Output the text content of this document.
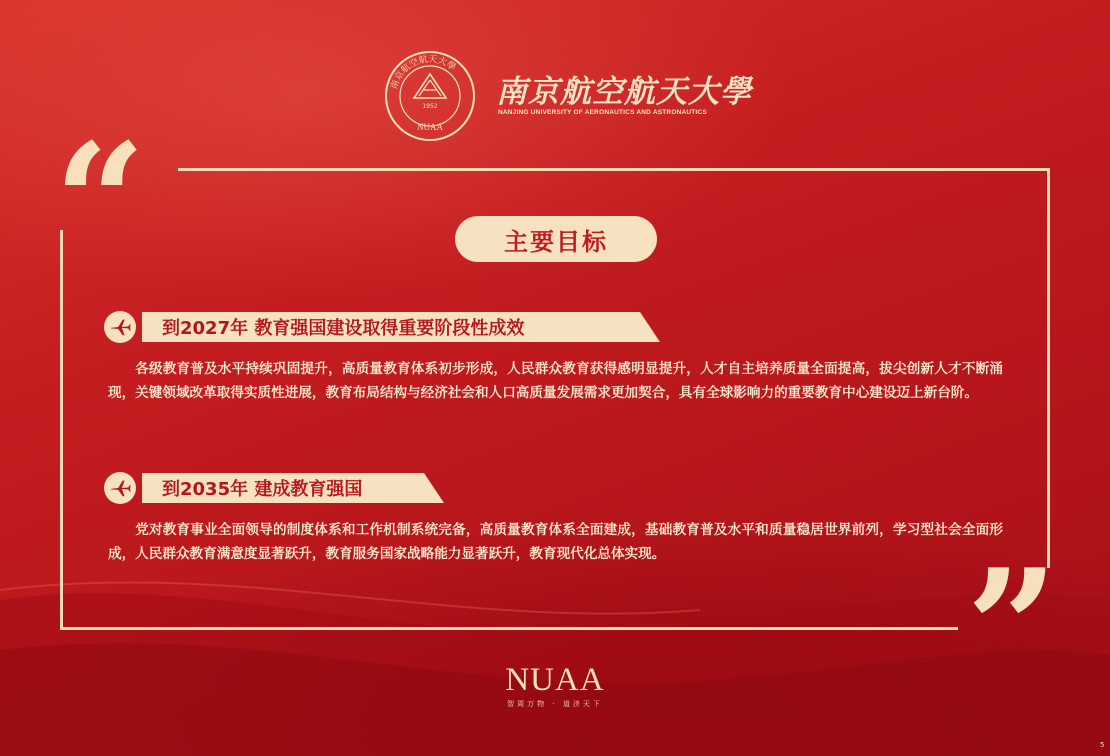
南京航空航天大學
1952
NUAA
南京航空航天大學
NANJING UNIVERSITY OF AERONAUTICS AND ASTRONAUTICS
“
”
主要目标
到2027年 教育强国建设取得重要阶段性成效
各级教育普及水平持续巩固提升，高质量教育体系初步形成，人民群众教育获得感明显提升，人才自主培养质量全面提高，拔尖创新人才不断涌现，关键领域改革取得实质性进展，教育布局结构与经济社会和人口高质量发展需求更加契合，具有全球影响力的重要教育中心建设迈上新台阶。
到2035年 建成教育强国
党对教育事业全面领导的制度体系和工作机制系统完备，高质量教育体系全面建成，基础教育普及水平和质量稳居世界前列，学习型社会全面形成，人民群众教育满意度显著跃升，教育服务国家战略能力显著跃升，教育现代化总体实现。
NUAA
智周万物 · 道济天下
5
